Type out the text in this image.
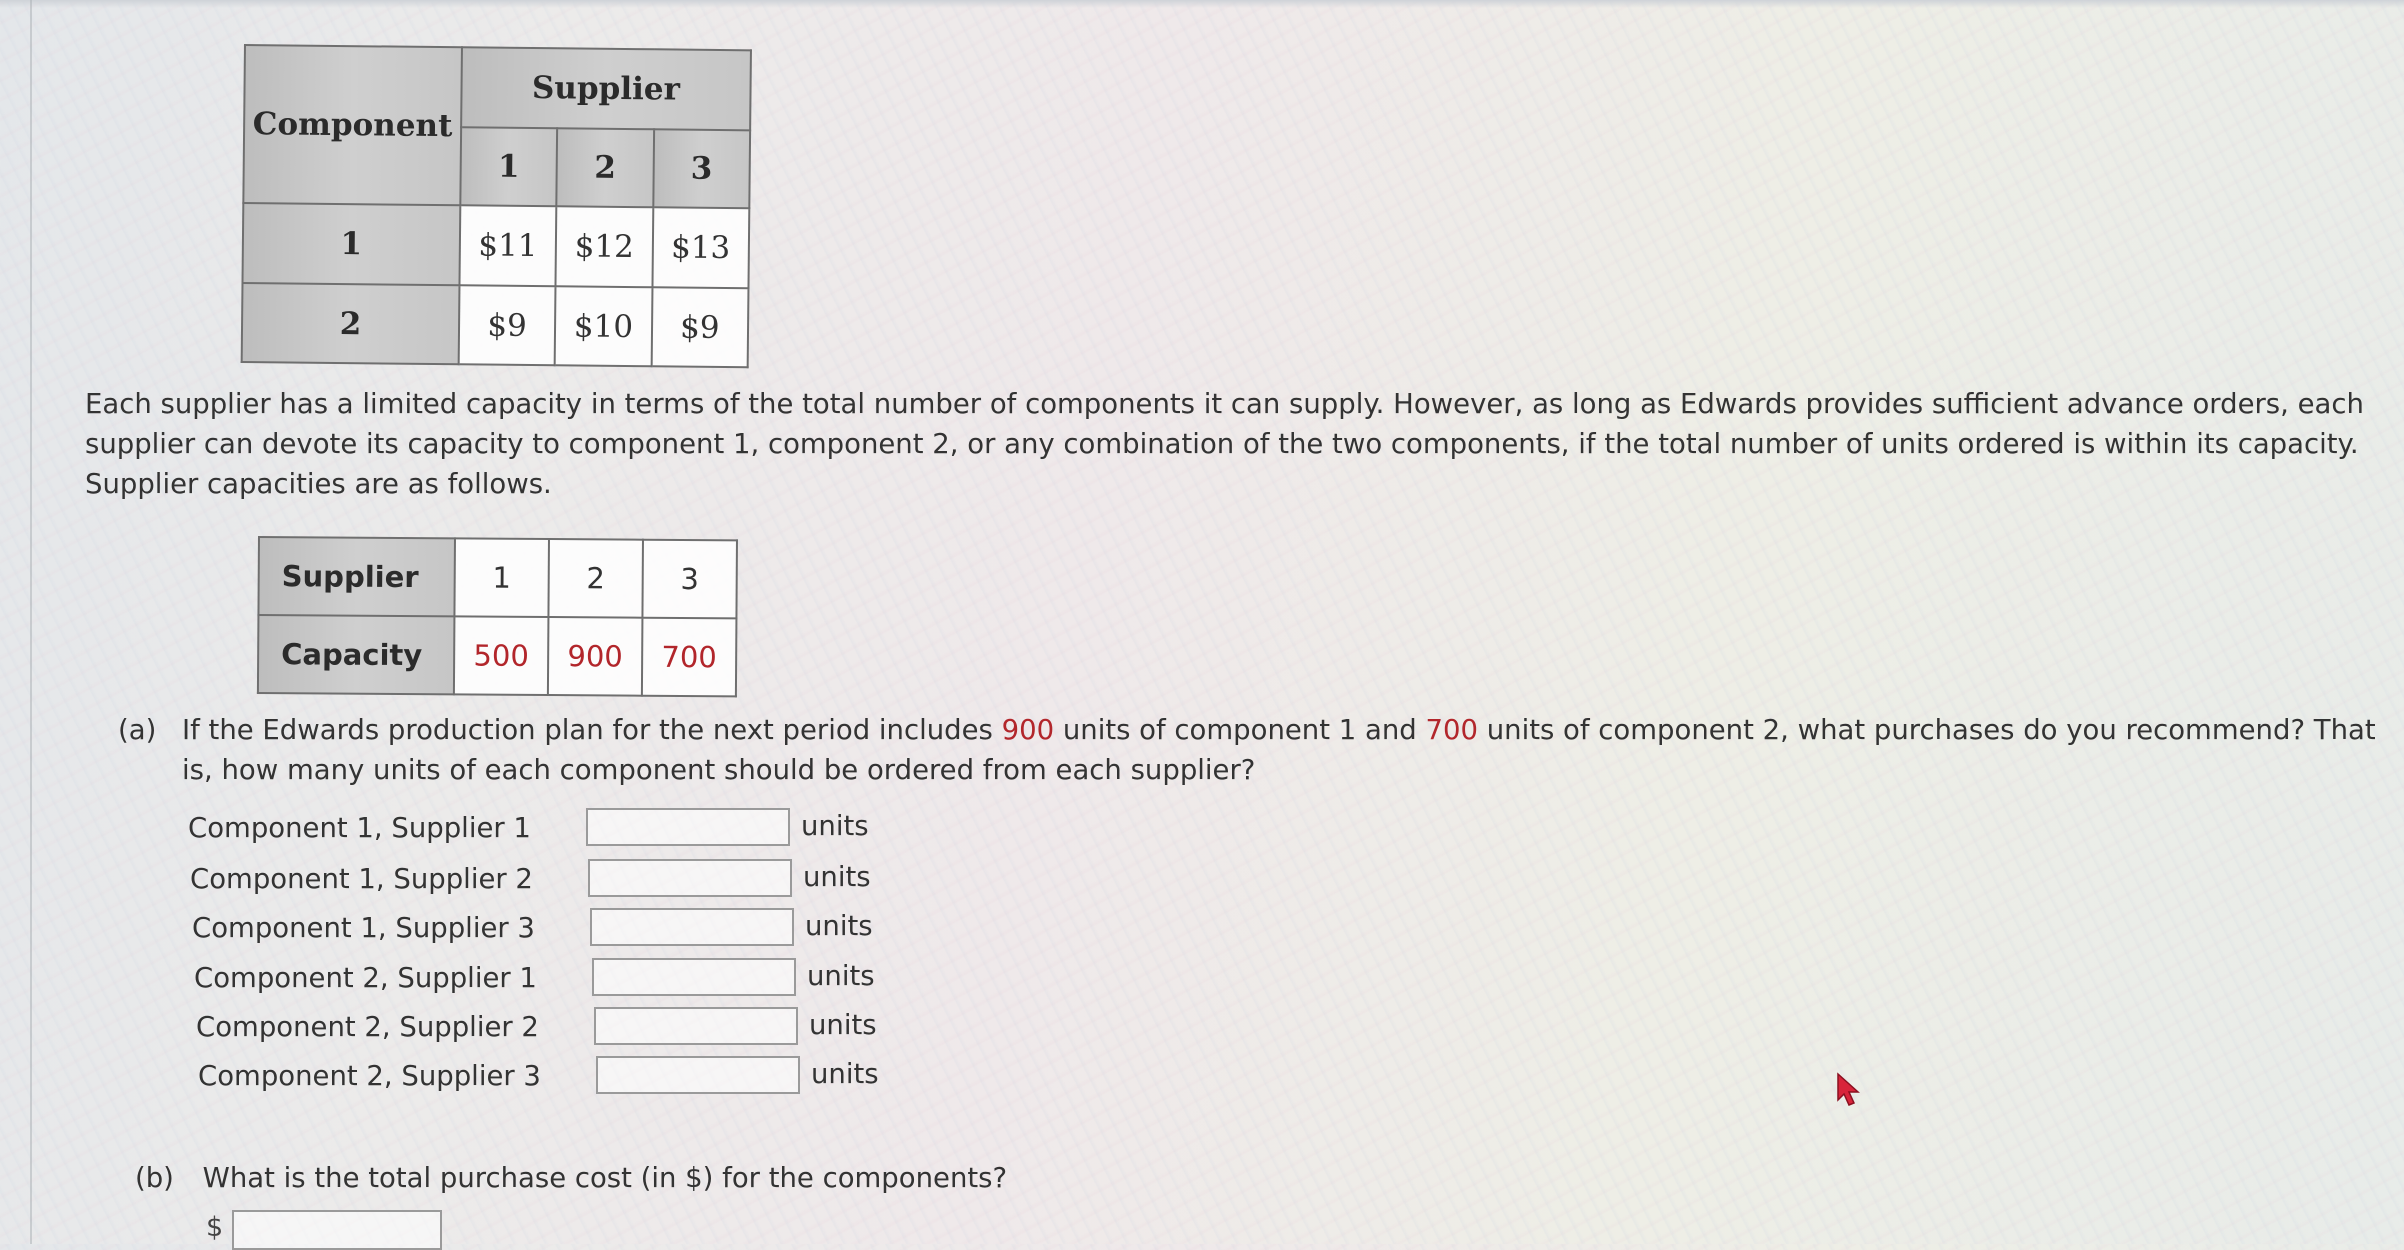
Component	Supplier		
	1	2	3
1	$11	$12	$13
2	$9	$10	$9
Each supplier has a limited capacity in terms of the total number of components it can supply. However, as long as Edwards provides sufficient advance orders, each
supplier can devote its capacity to component 1, component 2, or any combination of the two components, if the total number of units ordered is within its capacity.
Supplier capacities are as follows.
Supplier	1	2	3
Capacity	500	900	700
(a) If the Edwards production plan for the next period includes 900 units of component 1 and 700 units of component 2, what purchases do you recommend? That
is, how many units of each component should be ordered from each supplier?
Component 1, Supplier 1	units
Component 1, Supplier 2	units
Component 1, Supplier 3	units
Component 2, Supplier 1	units
Component 2, Supplier 2	units
Component 2, Supplier 3	units
(b) What is the total purchase cost (in $) for the components?
$
